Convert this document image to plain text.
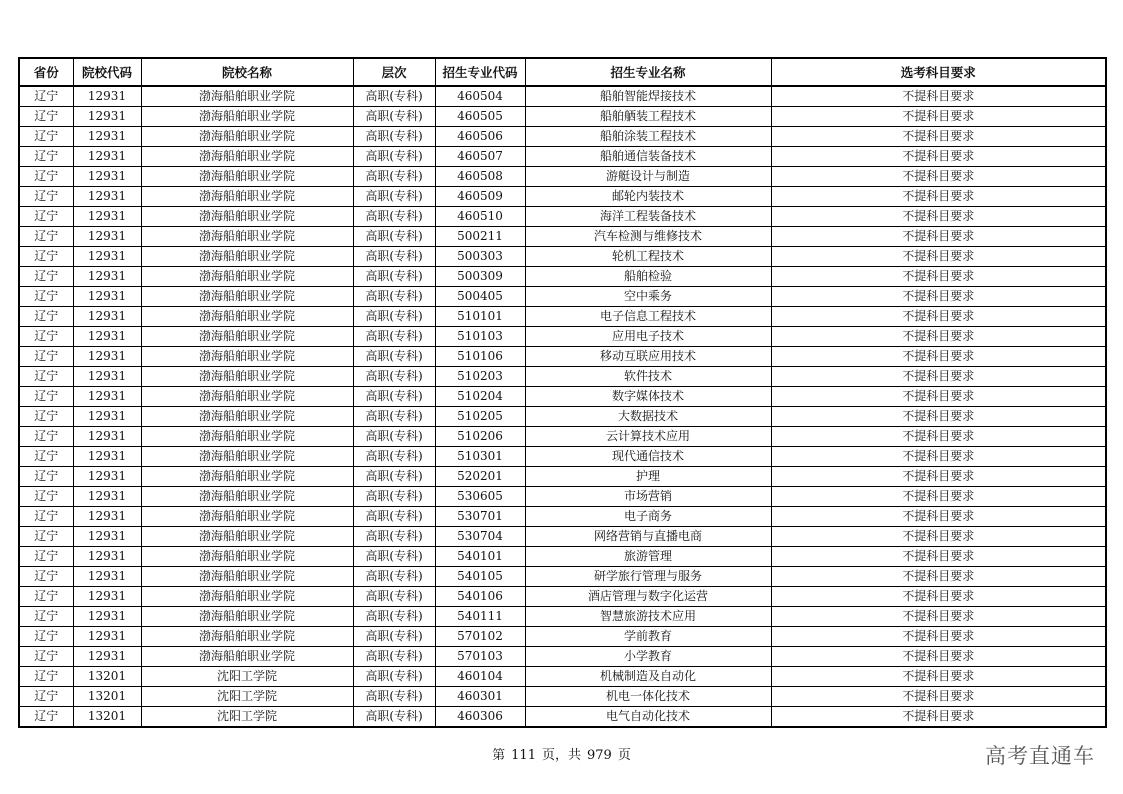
省份	院校代码	院校名称	层次	招生专业代码	招生专业名称	选考科目要求
辽宁	12931	渤海船舶职业学院	高职(专科)	460504	船舶智能焊接技术	不提科目要求
辽宁	12931	渤海船舶职业学院	高职(专科)	460505	船舶舾装工程技术	不提科目要求
辽宁	12931	渤海船舶职业学院	高职(专科)	460506	船舶涂装工程技术	不提科目要求
辽宁	12931	渤海船舶职业学院	高职(专科)	460507	船舶通信装备技术	不提科目要求
辽宁	12931	渤海船舶职业学院	高职(专科)	460508	游艇设计与制造	不提科目要求
辽宁	12931	渤海船舶职业学院	高职(专科)	460509	邮轮内装技术	不提科目要求
辽宁	12931	渤海船舶职业学院	高职(专科)	460510	海洋工程装备技术	不提科目要求
辽宁	12931	渤海船舶职业学院	高职(专科)	500211	汽车检测与维修技术	不提科目要求
辽宁	12931	渤海船舶职业学院	高职(专科)	500303	轮机工程技术	不提科目要求
辽宁	12931	渤海船舶职业学院	高职(专科)	500309	船舶检验	不提科目要求
辽宁	12931	渤海船舶职业学院	高职(专科)	500405	空中乘务	不提科目要求
辽宁	12931	渤海船舶职业学院	高职(专科)	510101	电子信息工程技术	不提科目要求
辽宁	12931	渤海船舶职业学院	高职(专科)	510103	应用电子技术	不提科目要求
辽宁	12931	渤海船舶职业学院	高职(专科)	510106	移动互联应用技术	不提科目要求
辽宁	12931	渤海船舶职业学院	高职(专科)	510203	软件技术	不提科目要求
辽宁	12931	渤海船舶职业学院	高职(专科)	510204	数字媒体技术	不提科目要求
辽宁	12931	渤海船舶职业学院	高职(专科)	510205	大数据技术	不提科目要求
辽宁	12931	渤海船舶职业学院	高职(专科)	510206	云计算技术应用	不提科目要求
辽宁	12931	渤海船舶职业学院	高职(专科)	510301	现代通信技术	不提科目要求
辽宁	12931	渤海船舶职业学院	高职(专科)	520201	护理	不提科目要求
辽宁	12931	渤海船舶职业学院	高职(专科)	530605	市场营销	不提科目要求
辽宁	12931	渤海船舶职业学院	高职(专科)	530701	电子商务	不提科目要求
辽宁	12931	渤海船舶职业学院	高职(专科)	530704	网络营销与直播电商	不提科目要求
辽宁	12931	渤海船舶职业学院	高职(专科)	540101	旅游管理	不提科目要求
辽宁	12931	渤海船舶职业学院	高职(专科)	540105	研学旅行管理与服务	不提科目要求
辽宁	12931	渤海船舶职业学院	高职(专科)	540106	酒店管理与数字化运营	不提科目要求
辽宁	12931	渤海船舶职业学院	高职(专科)	540111	智慧旅游技术应用	不提科目要求
辽宁	12931	渤海船舶职业学院	高职(专科)	570102	学前教育	不提科目要求
辽宁	12931	渤海船舶职业学院	高职(专科)	570103	小学教育	不提科目要求
辽宁	13201	沈阳工学院	高职(专科)	460104	机械制造及自动化	不提科目要求
辽宁	13201	沈阳工学院	高职(专科)	460301	机电一体化技术	不提科目要求
辽宁	13201	沈阳工学院	高职(专科)	460306	电气自动化技术	不提科目要求
第 111 页，共 979 页	高考直通车
